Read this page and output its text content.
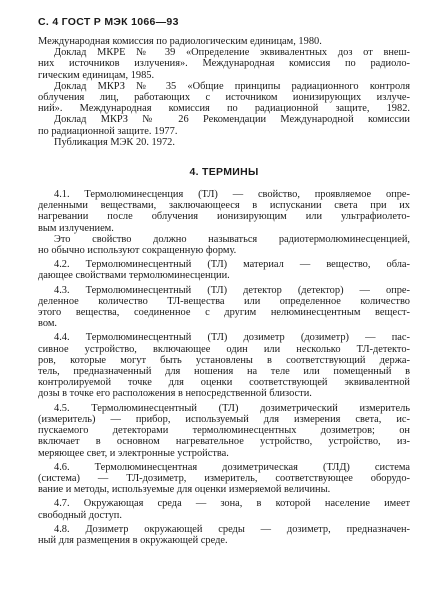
С. 4 ГОСТ Р МЭК 1066—93
Международная комиссия по радиологическим единицам, 1980.
Доклад МКРЕ № 39 «Определение эквивалентных доз от внеш-
них источников излучения». Международная комиссия по радиоло-
гическим единицам, 1985.
Доклад МКРЗ № 35 «Общие принципы радиационного контроля
облучения лиц, работающих с источником ионизирующих излуче-
ний». Международная комиссия по радиационной защите, 1982.
Доклад МКРЗ № 26 Рекомендации Международной комиссии
по радиационной защите. 1977.
Публикация МЭК 20. 1972.
4. ТЕРМИНЫ
4.1. Термолюминесценция (ТЛ) — свойство, проявляемое опре-
деленными веществами, заключающееся в испускании света при их
нагревании после облучения ионизирующим или ультрафиолето-
вым излучением.
Это свойство должно называться радиотермолюминесценцией,
но обычно используют сокращенную форму.
4.2. Термолюминесцентный (ТЛ) материал — вещество, обла-
дающее свойствами термолюминесценции.
4.3. Термолюминесцентный (ТЛ) детектор (детектор) — опре-
деленное количество ТЛ-вещества или определенное количество
этого вещества, соединенное с другим нелюминесцентным вещест-
вом.
4.4. Термолюминесцентный (ТЛ) дозиметр (дозиметр) — пас-
сивное устройство, включающее один или несколько ТЛ-детекто-
ров, которые могут быть установлены в соответствующий держа-
тель, предназначенный для ношения на теле или помещенный в
контролируемой точке для оценки соответствующей эквивалентной
дозы в точке его расположения в непосредственной близости.
4.5. Термолюминесцентный (ТЛ) дозиметрический измеритель
(измеритель) — прибор, используемый для измерения света, ис-
пускаемого детекторами термолюминесцентных дозиметров; он
включает в основном нагревательное устройство, устройство, из-
меряющее свет, и электронные устройства.
4.6. Термолюминесцентная дозиметрическая (ТЛД) система
(система) — ТЛ-дозиметр, измеритель, соответствующее оборудо-
вание и методы, используемые для оценки измеряемой величины.
4.7. Окружающая среда — зона, в которой население имеет
свободный доступ.
4.8. Дозиметр окружающей среды — дозиметр, предназначен-
ный для размещения в окружающей среде.
